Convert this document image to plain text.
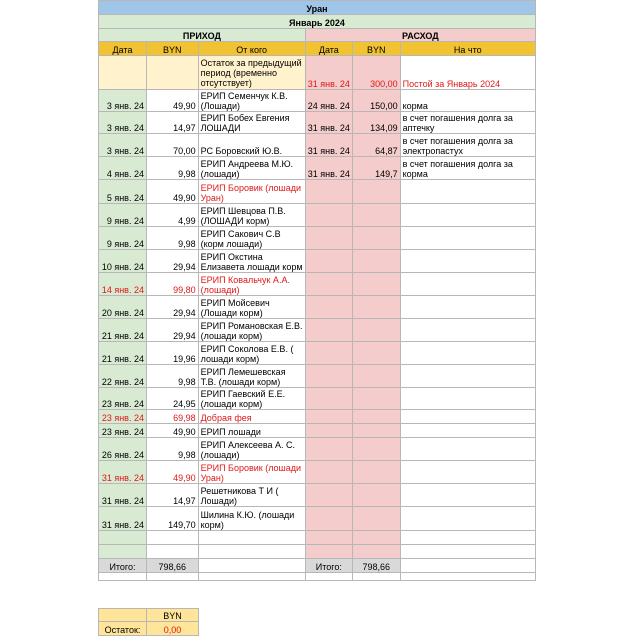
Уран					
Январь 2024					
ПРИХОД			РАСХОД		
Дата	BYN	От кого	Дата	BYN	На что
		Остаток за предыдущий период (временно отсутствует)	31 янв. 24	300,00	Постой за Январь 2024
3 янв. 24	49,90	ЕРИП Семенчук К.В. (Лошади)	24 янв. 24	150,00	корма
3 янв. 24	14,97	ЕРИП Бобех Евгения ЛОШАДИ	31 янв. 24	134,09	в счет погашения долга за аптечку
3 янв. 24	70,00	РС Боровский Ю.В.	31 янв. 24	64,87	в счет погашения долга за электропастух
4 янв. 24	9,98	ЕРИП Андреева М.Ю. (лошади)	31 янв. 24	149,7	в счет погашения долга за корма
5 янв. 24	49,90	ЕРИП Боровик (лошади Уран)			
9 янв. 24	4,99	ЕРИП Шевцова П.В. (ЛОШАДИ корм)			
9 янв. 24	9,98	ЕРИП Сакович С.В (корм лошади)			
10 янв. 24	29,94	ЕРИП Окстина Елизавета лошади корм			
14 янв. 24	99,80	ЕРИП Ковальчук А.А. (лошади)			
20 янв. 24	29,94	ЕРИП Мойсевич (Лошади корм)			
21 янв. 24	29,94	ЕРИП Романовская Е.В. (лошади корм)			
21 янв. 24	19,96	ЕРИП Соколова Е.В. ( лошади корм)			
22 янв. 24	9,98	ЕРИП Лемешевская Т.В. (лошади корм)			
23 янв. 24	24,95	ЕРИП Гаевский Е.Е. (лошади корм)			
23 янв. 24	69,98	Добрая фея			
23 янв. 24	49,90	ЕРИП лошади			
26 янв. 24	9,98	ЕРИП Алексеева А. С. (лошади)			
31 янв. 24	49,90	ЕРИП Боровик (лошади Уран)			
31 янв. 24	14,97	Решетникова Т И ( Лошади)			
31 янв. 24	149,70	Шилина К.Ю. (лошади корм)			

Итого:	798,66		Итого:	798,66	

	BYN
Остаток:	0,00
